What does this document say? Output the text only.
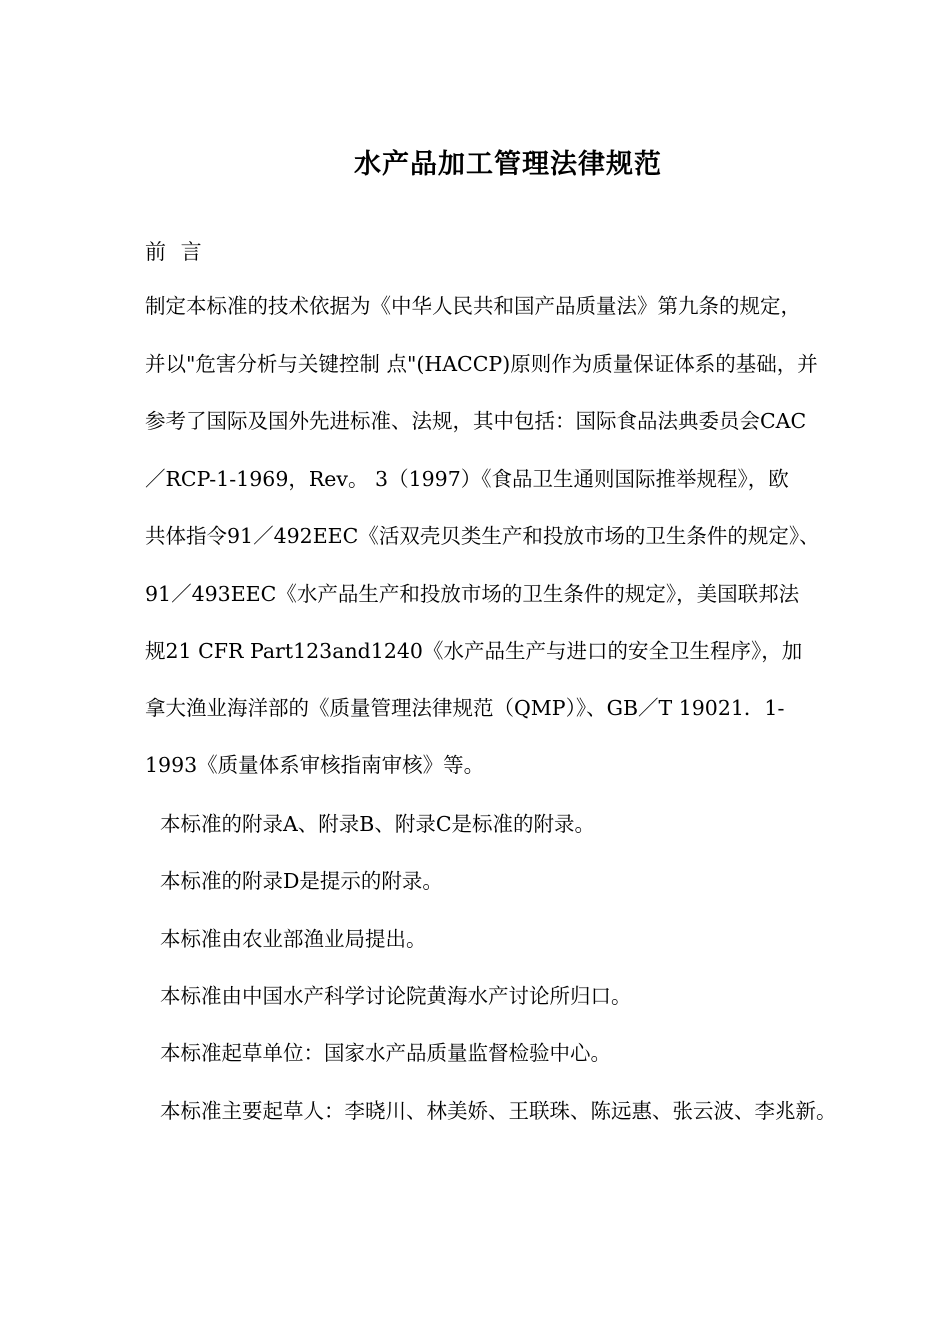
水产品加工管理法律规范
前 言
制定本标准的技术依据为《中华人民共和国产品质量法》第九条的规定，
并以"危害分析与关键控制 点"(HACCP)原则作为质量保证体系的基础，并
参考了国际及国外先进标准、法规，其中包括：国际食品法典委员会CAC
／RCP-1-1969，Rev。 3（1997）《食品卫生通则国际推举规程》，欧
共体指令91／492EEC《活双壳贝类生产和投放市场的卫生条件的规定》、
91／493EEC《水产品生产和投放市场的卫生条件的规定》，美国联邦法
规21 CFR Part123and1240《水产品生产与进口的安全卫生程序》，加
拿大渔业海洋部的《质量管理法律规范（QMP）》、GB／T 19021．1-
1993《质量体系审核指南审核》等。
本标准的附录A、附录B、附录C是标准的附录。
本标准的附录D是提示的附录。
本标准由农业部渔业局提出。
本标准由中国水产科学讨论院黄海水产讨论所归口。
本标准起草单位：国家水产品质量监督检验中心。
本标准主要起草人：李晓川、林美娇、王联珠、陈远惠、张云波、李兆新。
